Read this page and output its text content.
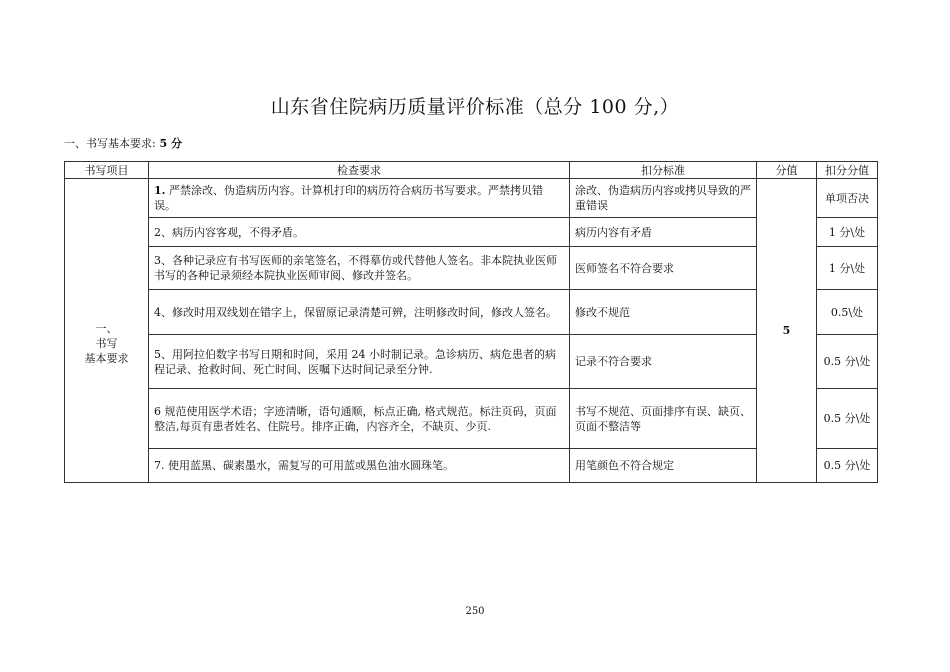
山东省住院病历质量评价标准（总分 100 分,）
一、书写基本要求: 5 分
书写项目	检查要求	扣分标准	分值	扣分分值

一、
书写
基本要求	1. 严禁涂改、伪造病历内容。计算机打印的病历符合病历书写要求。严禁拷贝错误。	涂改、伪造病历内容或拷贝导致的严重错误	5	单项否决
	2、病历内容客观，不得矛盾。	病历内容有矛盾		1 分\处
	3、各种记录应有书写医师的亲笔签名，不得摹仿或代替他人签名。非本院执业医师书写的各种记录须经本院执业医师审阅、修改并签名。	医师签名不符合要求		1 分\处
	4、修改时用双线划在错字上，保留原记录清楚可辨，注明修改时间，修改人签名。	修改不规范		0.5\处
	5、用阿拉伯数字书写日期和时间，采用 24 小时制记录。急诊病历、病危患者的病程记录、抢救时间、死亡时间、医嘱下达时间记录至分钟.	记录不符合要求		0.5 分\处
	6 规范使用医学术语；字迹清晰，语句通顺，标点正确, 格式规范。标注页码，页面整洁,每页有患者姓名、住院号。排序正确，内容齐全，不缺页、少页.	书写不规范、页面排序有误、缺页、页面不整洁等		0.5 分\处
	7. 使用蓝黑、碳素墨水，需复写的可用蓝或黑色油水圆珠笔。	用笔颜色不符合规定		0.5 分\处
250
